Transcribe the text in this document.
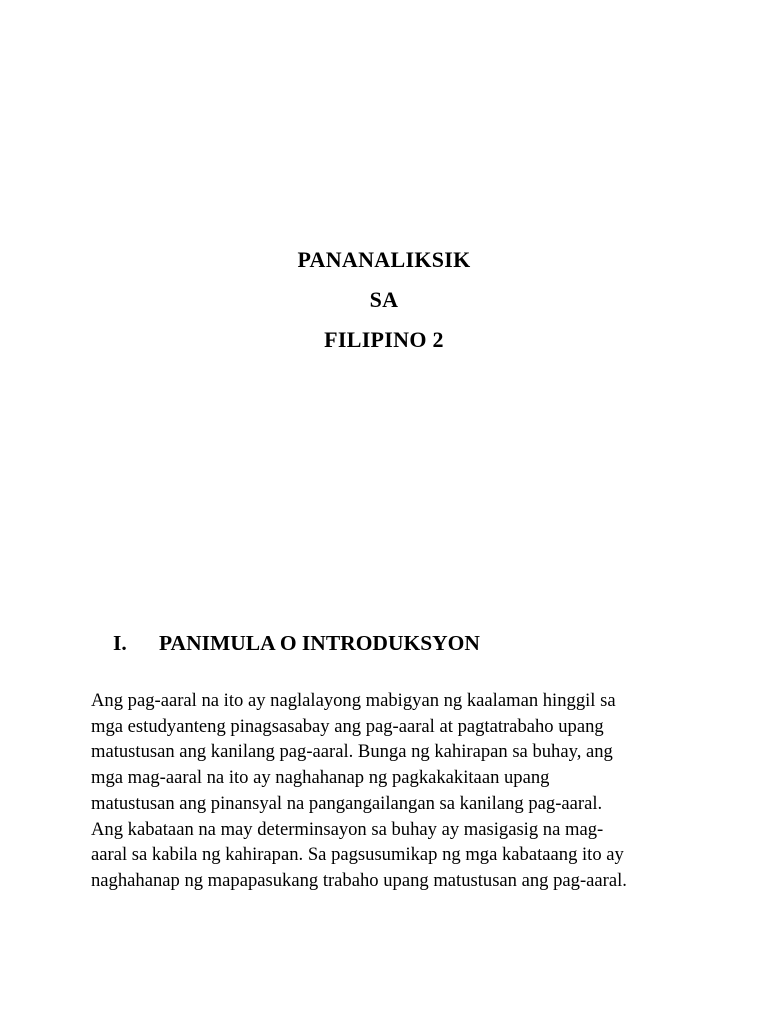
PANANALIKSIK
SA
FILIPINO 2
I. PANIMULA O INTRODUKSYON
Ang pag-aaral na ito ay naglalayong mabigyan ng kaalaman hinggil sa
mga estudyanteng pinagsasabay ang pag-aaral at pagtatrabaho upang
matustusan ang kanilang pag-aaral. Bunga ng kahirapan sa buhay, ang
mga mag-aaral na ito ay naghahanap ng pagkakakitaan upang
matustusan ang pinansyal na pangangailangan sa kanilang pag-aaral.
Ang kabataan na may determinsayon sa buhay ay masigasig na mag-
aaral sa kabila ng kahirapan. Sa pagsusumikap ng mga kabataang ito ay
naghahanap ng mapapasukang trabaho upang matustusan ang pag-aaral.
